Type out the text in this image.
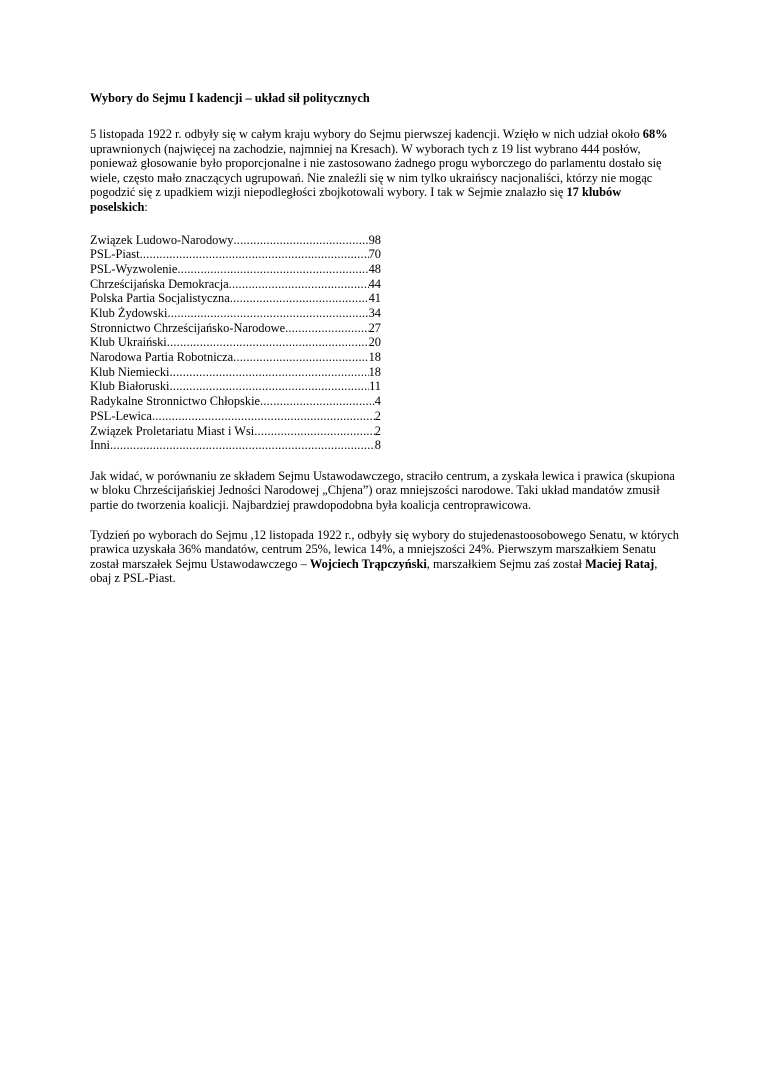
Wybory do Sejmu I kadencji – układ sił politycznych

5 listopada 1922 r. odbyły się w całym kraju wybory do Sejmu pierwszej kadencji. Wzięło w nich udział około 68% uprawnionych (najwięcej na zachodzie, najmniej na Kresach). W wyborach tych z 19 list wybrano 444 posłów, ponieważ głosowanie było proporcjonalne i nie zastosowano żadnego progu wyborczego do parlamentu dostało się wiele, często mało znaczących ugrupowań. Nie znaleźli się w nim tylko ukraińscy nacjonaliści, którzy nie mogąc pogodzić się z upadkiem wizji niepodległości zbojkotowali wybory. I tak w Sejmie znalazło się 17 klubów poselskich:

Związek Ludowo-Narodowy .....	98
PSL-Piast .....	70
PSL-Wyzwolenie .....	48
Chrześcijańska Demokracja .....	44
Polska Partia Socjalistyczna .....	41
Klub Żydowski .....	34
Stronnictwo Chrześcijańsko-Narodowe .....	27
Klub Ukraiński .....	20
Narodowa Partia Robotnicza .....	18
Klub Niemiecki .....	18
Klub Białoruski .....	11
Radykalne Stronnictwo Chłopskie .....	4
PSL-Lewica .....	2
Związek Proletariatu Miast i Wsi .....	2
Inni .....	8

Jak widać, w porównaniu ze składem Sejmu Ustawodawczego, straciło centrum, a zyskała lewica i prawica (skupiona w bloku Chrześcijańskiej Jedności Narodowej „Chjena”) oraz mniejszości narodowe. Taki układ mandatów zmusił partie do tworzenia koalicji. Najbardziej prawdopodobna była koalicja centroprawicowa.

Tydzień po wyborach do Sejmu ,12 listopada 1922 r., odbyły się wybory do stujedenastoosobowego Senatu, w których prawica uzyskała 36% mandatów, centrum 25%, lewica 14%, a mniejszości 24%. Pierwszym marszałkiem Senatu został marszałek Sejmu Ustawodawczego – Wojciech Trąpczyński, marszałkiem Sejmu zaś został Maciej Rataj, obaj z PSL-Piast.
